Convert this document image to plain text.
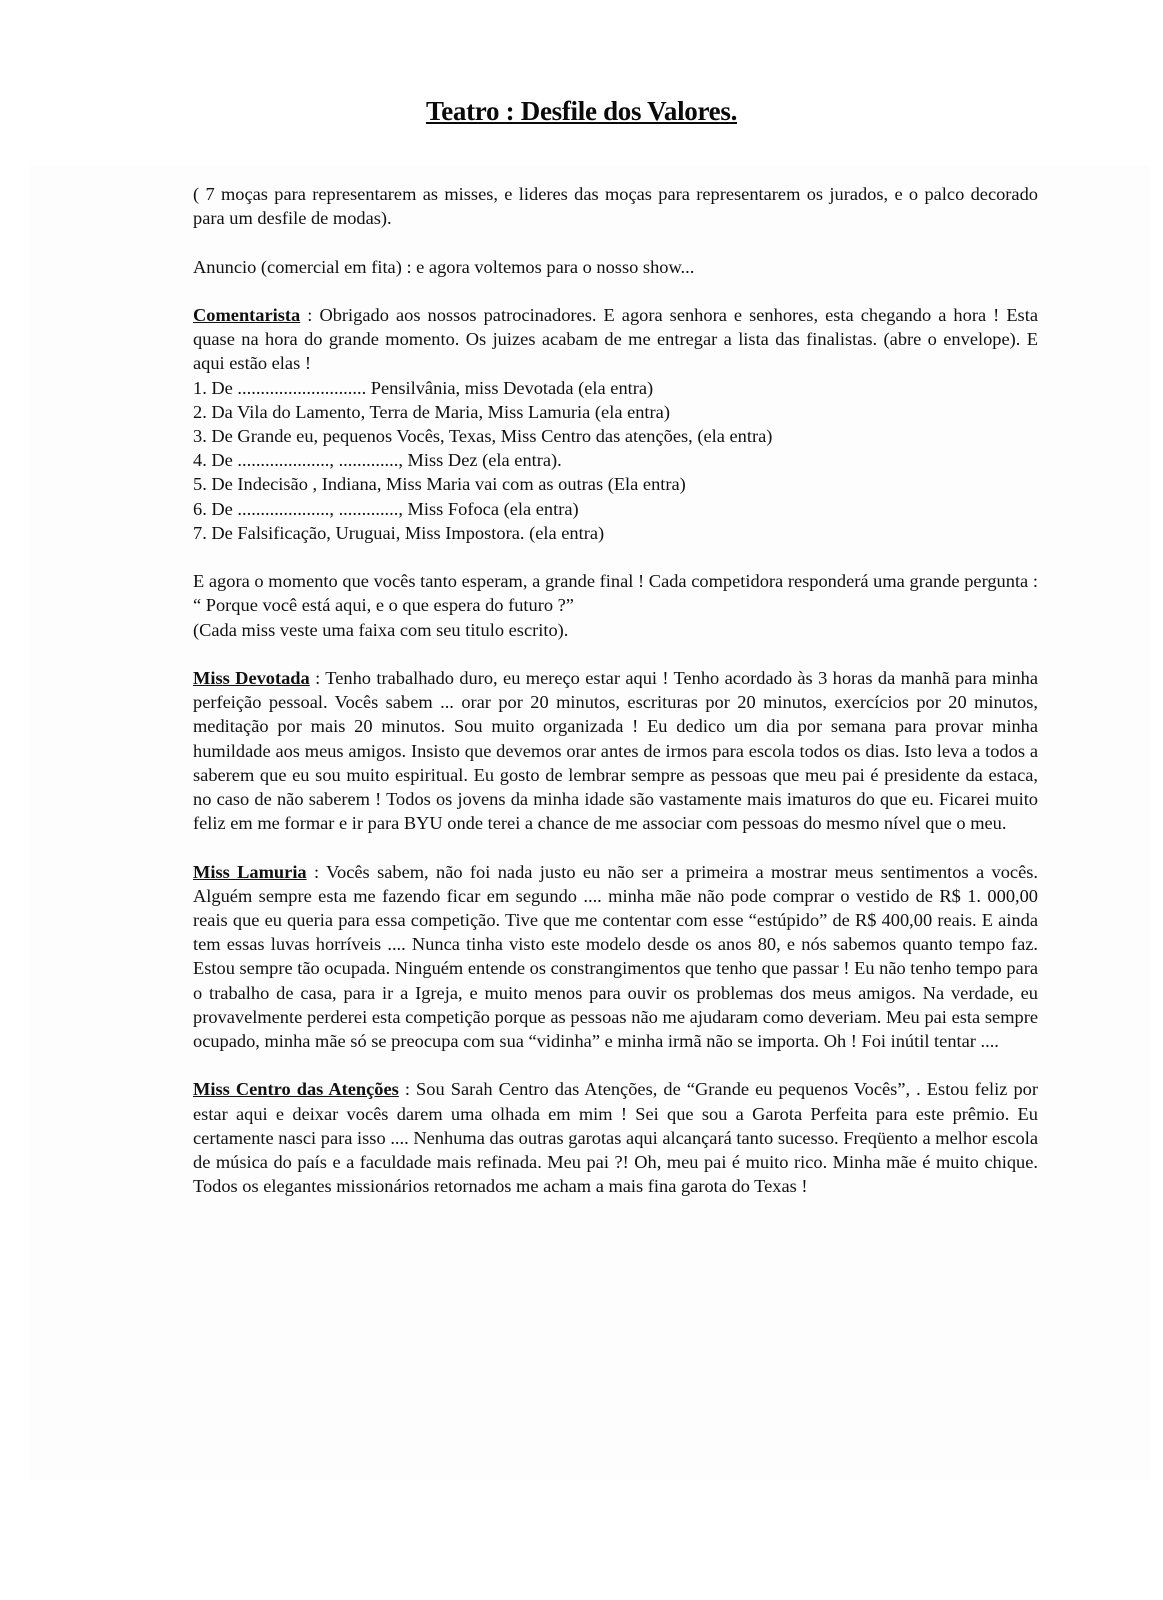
Teatro : Desfile dos Valores.

( 7 moças para representarem as misses, e lideres das moças para representarem os jurados, e o palco decorado para um desfile de modas).

Anuncio (comercial em fita) : e agora voltemos para o nosso show...

Comentarista : Obrigado aos nossos patrocinadores. E agora senhora e senhores, esta chegando a hora ! Esta quase na hora do grande momento. Os juizes acabam de me entregar a lista das finalistas. (abre o envelope). E aqui estão elas !

1. De ............................ Pensilvânia, miss Devotada (ela entra)
2. Da Vila do Lamento, Terra de Maria, Miss Lamuria (ela entra)
3. De Grande eu, pequenos Vocês, Texas, Miss Centro das atenções, (ela entra)
4. De ...................., ............., Miss Dez (ela entra).
5. De Indecisão , Indiana, Miss Maria vai com as outras (Ela entra)
6. De ...................., ............., Miss Fofoca (ela entra)
7. De Falsificação, Uruguai, Miss Impostora. (ela entra)

E agora o momento que vocês tanto esperam, a grande final ! Cada competidora responderá uma grande pergunta : “ Porque você está aqui, e o que espera do futuro ?”

(Cada miss veste uma faixa com seu titulo escrito).

Miss Devotada : Tenho trabalhado duro, eu mereço estar aqui ! Tenho acordado às 3 horas da manhã para minha perfeição pessoal. Vocês sabem ... orar por 20 minutos, escrituras por 20 minutos, exercícios por 20 minutos, meditação por mais 20 minutos. Sou muito organizada ! Eu dedico um dia por semana para provar minha humildade aos meus amigos. Insisto que devemos orar antes de irmos para escola todos os dias. Isto leva a todos a saberem que eu sou muito espiritual. Eu gosto de lembrar sempre as pessoas que meu pai é presidente da estaca, no caso de não saberem ! Todos os jovens da minha idade são vastamente mais imaturos do que eu. Ficarei muito feliz em me formar e ir para BYU onde terei a chance de me associar com pessoas do mesmo nível que o meu.

Miss Lamuria : Vocês sabem, não foi nada justo eu não ser a primeira a mostrar meus sentimentos a vocês. Alguém sempre esta me fazendo ficar em segundo .... minha mãe não pode comprar o vestido de R$ 1. 000,00 reais que eu queria para essa competição. Tive que me contentar com esse “estúpido” de R$ 400,00 reais. E ainda tem essas luvas horríveis .... Nunca tinha visto este modelo desde os anos 80, e nós sabemos quanto tempo faz. Estou sempre tão ocupada. Ninguém entende os constrangimentos que tenho que passar ! Eu não tenho tempo para o trabalho de casa, para ir a Igreja, e muito menos para ouvir os problemas dos meus amigos. Na verdade, eu provavelmente perderei esta competição porque as pessoas não me ajudaram como deveriam. Meu pai esta sempre ocupado, minha mãe só se preocupa com sua “vidinha” e minha irmã não se importa. Oh ! Foi inútil tentar ....

Miss Centro das Atenções : Sou Sarah Centro das Atenções, de “Grande eu pequenos Vocês”, . Estou feliz por estar aqui e deixar vocês darem uma olhada em mim ! Sei que sou a Garota Perfeita para este prêmio. Eu certamente nasci para isso .... Nenhuma das outras garotas aqui alcançará tanto sucesso. Freqüento a melhor escola de música do país e a faculdade mais refinada. Meu pai ?! Oh, meu pai é muito rico. Minha mãe é muito chique. Todos os elegantes missionários retornados me acham a mais fina garota do Texas !
